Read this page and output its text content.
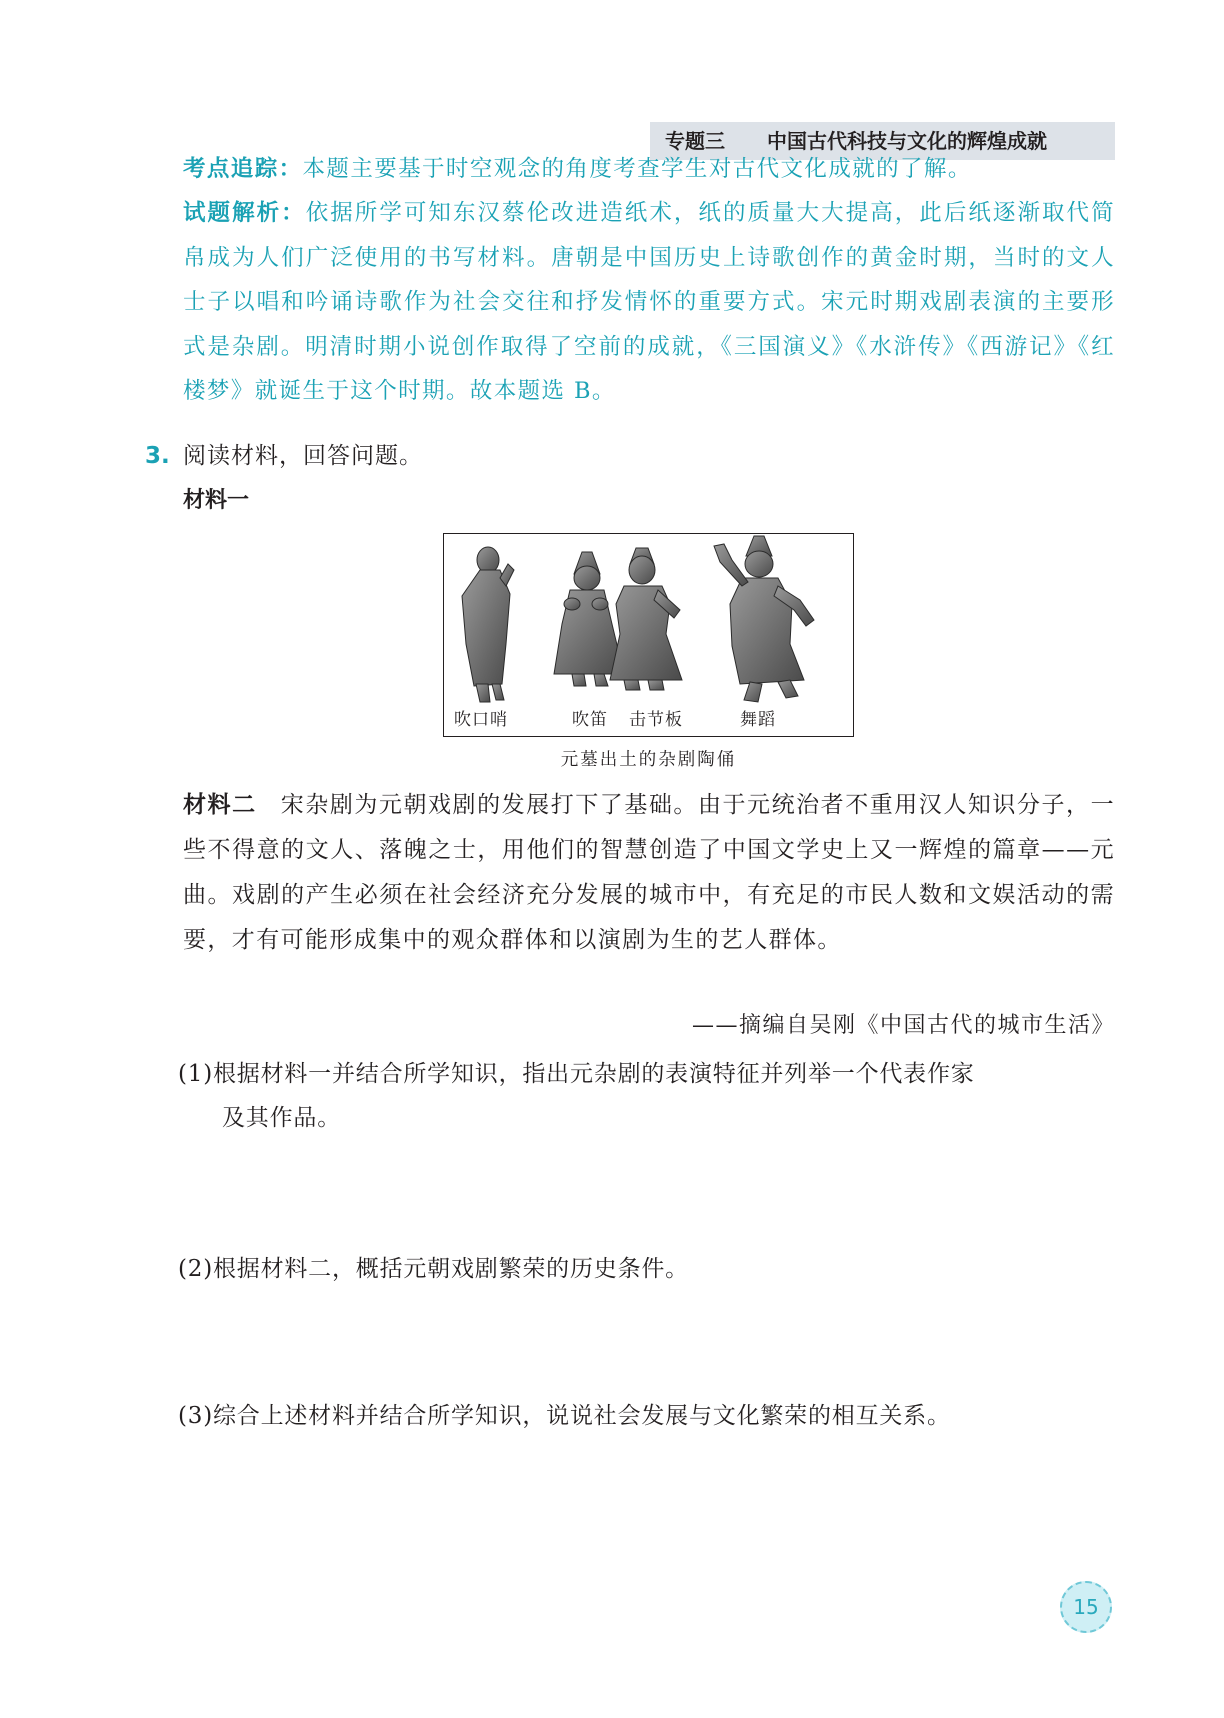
专题三 中国古代科技与文化的辉煌成就
考点追踪：本题主要基于时空观念的角度考查学生对古代文化成就的了解。
试题解析：依据所学可知东汉蔡伦改进造纸术，纸的质量大大提高，此后纸逐渐取代简帛成为人们广泛使用的书写材料。唐朝是中国历史上诗歌创作的黄金时期，当时的文人士子以唱和吟诵诗歌作为社会交往和抒发情怀的重要方式。宋元时期戏剧表演的主要形式是杂剧。明清时期小说创作取得了空前的成就，《三国演义》《水浒传》《西游记》《红楼梦》就诞生于这个时期。故本题选 B。
3. 阅读材料，回答问题。
材料一
吹口哨	吹笛 击节板	舞蹈
元墓出土的杂剧陶俑
材料二 宋杂剧为元朝戏剧的发展打下了基础。由于元统治者不重用汉人知识分子，一些不得意的文人、落魄之士，用他们的智慧创造了中国文学史上又一辉煌的篇章——元曲。戏剧的产生必须在社会经济充分发展的城市中，有充足的市民人数和文娱活动的需要，才有可能形成集中的观众群体和以演剧为生的艺人群体。
——摘编自吴刚《中国古代的城市生活》
(1)根据材料一并结合所学知识，指出元杂剧的表演特征并列举一个代表作家
及其作品。
(2)根据材料二，概括元朝戏剧繁荣的历史条件。
(3)综合上述材料并结合所学知识，说说社会发展与文化繁荣的相互关系。
15
